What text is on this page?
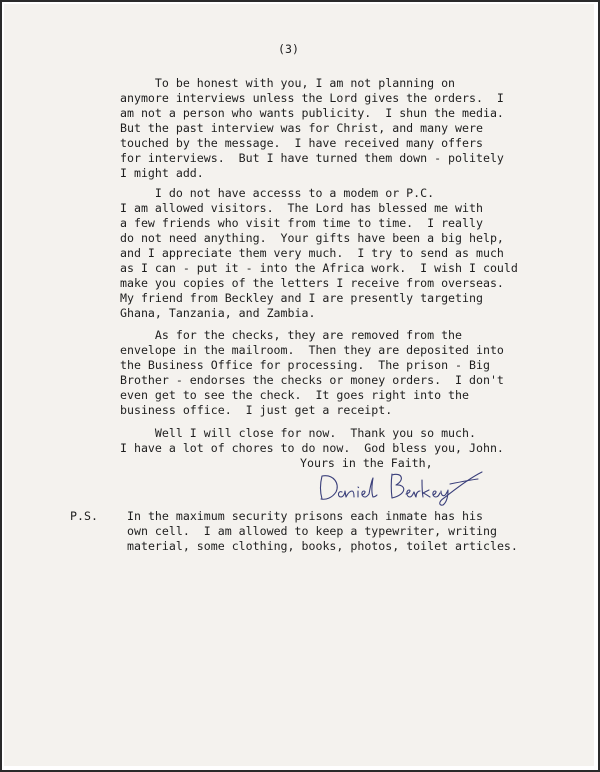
(3)
To be honest with you, I am not planning on
anymore interviews unless the Lord gives the orders.  I
am not a person who wants publicity.  I shun the media.
But the past interview was for Christ, and many were
touched by the message.  I have received many offers
for interviews.  But I have turned them down - politely
I might add.
I do not have accesss to a modem or P.C.
I am allowed visitors.  The Lord has blessed me with
a few friends who visit from time to time.  I really
do not need anything.  Your gifts have been a big help,
and I appreciate them very much.  I try to send as much
as I can - put it - into the Africa work.  I wish I could
make you copies of the letters I receive from overseas.
My friend from Beckley and I are presently targeting
Ghana, Tanzania, and Zambia.
As for the checks, they are removed from the
envelope in the mailroom.  Then they are deposited into
the Business Office for processing.  The prison - Big
Brother - endorses the checks or money orders.  I don't
even get to see the check.  It goes right into the
business office.  I just get a receipt.
Well I will close for now.  Thank you so much.
I have a lot of chores to do now.  God bless you, John.
Yours in the Faith,
P.S.	In the maximum security prisons each inmate has his
own cell.  I am allowed to keep a typewriter, writing
material, some clothing, books, photos, toilet articles.
